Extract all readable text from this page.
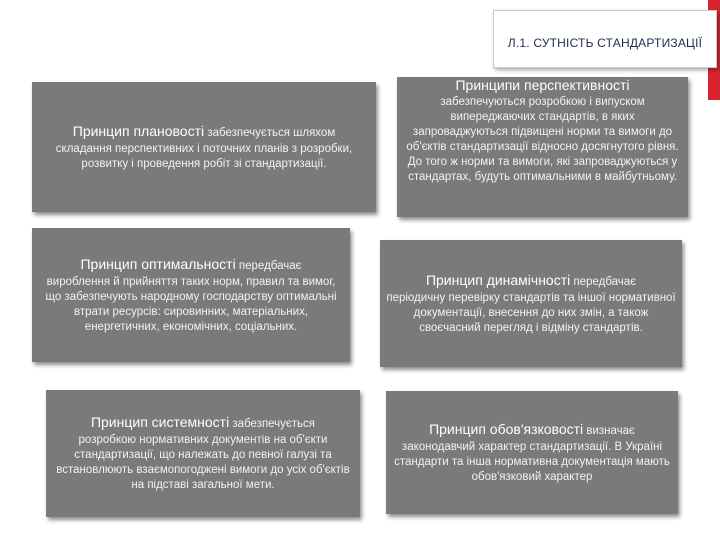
Л.1. СУТНІСТЬ СТАНДАРТИЗАЦІЇ
Принцип плановості забезпечується шляхом
складання перспективних і поточних планів з розробки, розвитку і проведення робіт зі стандартизації.
Принципи перспективності
забезпечуються розробкою і випуском випереджаючих стандартів, в яких запроваджуються підвищені норми та вимоги до об'єктів стандартизації відносно досягнутого рівня. До того ж норми та вимоги, які запроваджуються у стандартах, будуть оптимальними в майбутньому.
Принцип оптимальності передбачає
вироблення й прийняття таких норм, правил та вимог, що забезпечують народному господарству оптимальні втрати ресурсів: сировинних, матеріальних, енергетичних, економічних, соціальних.
Принцип динамічності передбачає
періодичну перевірку стандартів та іншої нормативної документації, внесення до них змін, а також своєчасний перегляд і відміну стандартів.
Принцип системності забезпечується
розробкою нормативних документів на об'єкти стандартизації, що належать до певної галузі та встановлюють взаємопогоджені вимоги до усіх об'єктів на підставі загальної мети.
Принцип обов'язковості визначає
законодавчий характер стандартизації. В Україні стандарти та інша нормативна документація мають обов'язковий характер
